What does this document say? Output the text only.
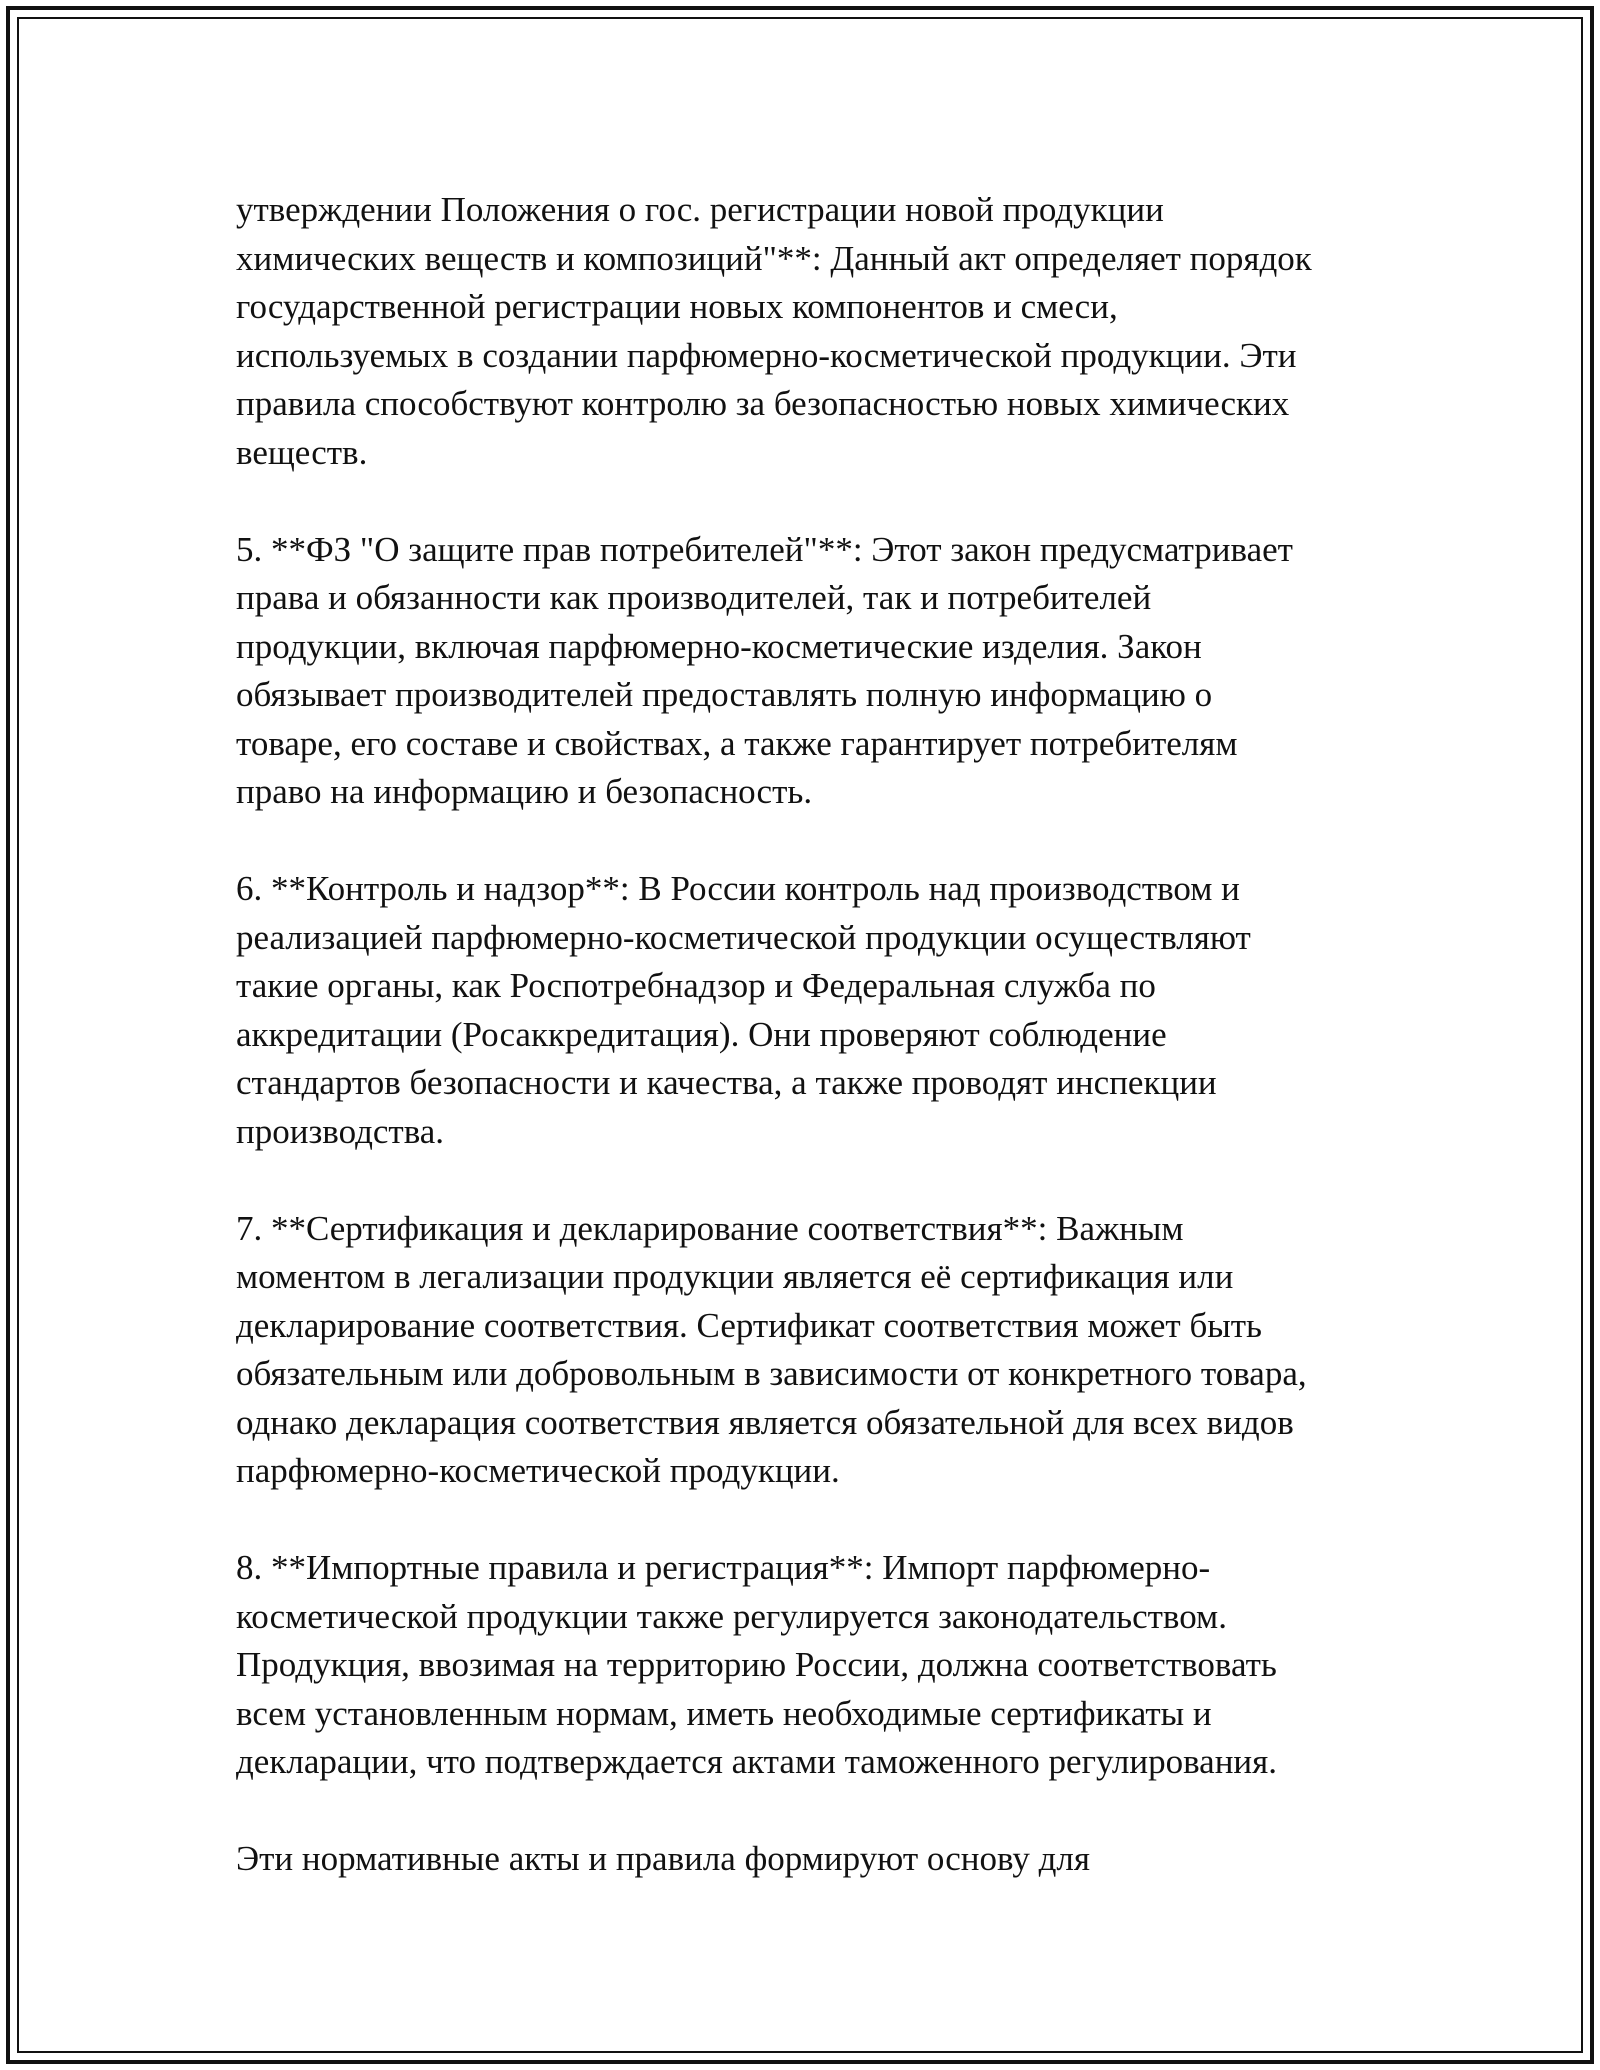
утверждении Положения о гос. регистрации новой продукции
химических веществ и композиций"**: Данный акт определяет порядок
государственной регистрации новых компонентов и смеси,
используемых в создании парфюмерно-косметической продукции. Эти
правила способствуют контролю за безопасностью новых химических
веществ.
5. **ФЗ "О защите прав потребителей"**: Этот закон предусматривает
права и обязанности как производителей, так и потребителей
продукции, включая парфюмерно-косметические изделия. Закон
обязывает производителей предоставлять полную информацию о
товаре, его составе и свойствах, а также гарантирует потребителям
право на информацию и безопасность.
6. **Контроль и надзор**: В России контроль над производством и
реализацией парфюмерно-косметической продукции осуществляют
такие органы, как Роспотребнадзор и Федеральная служба по
аккредитации (Росаккредитация). Они проверяют соблюдение
стандартов безопасности и качества, а также проводят инспекции
производства.
7. **Сертификация и декларирование соответствия**: Важным
моментом в легализации продукции является её сертификация или
декларирование соответствия. Сертификат соответствия может быть
обязательным или добровольным в зависимости от конкретного товара,
однако декларация соответствия является обязательной для всех видов
парфюмерно-косметической продукции.
8. **Импортные правила и регистрация**: Импорт парфюмерно-
косметической продукции также регулируется законодательством.
Продукция, ввозимая на территорию России, должна соответствовать
всем установленным нормам, иметь необходимые сертификаты и
декларации, что подтверждается актами таможенного регулирования.
Эти нормативные акты и правила формируют основу для
